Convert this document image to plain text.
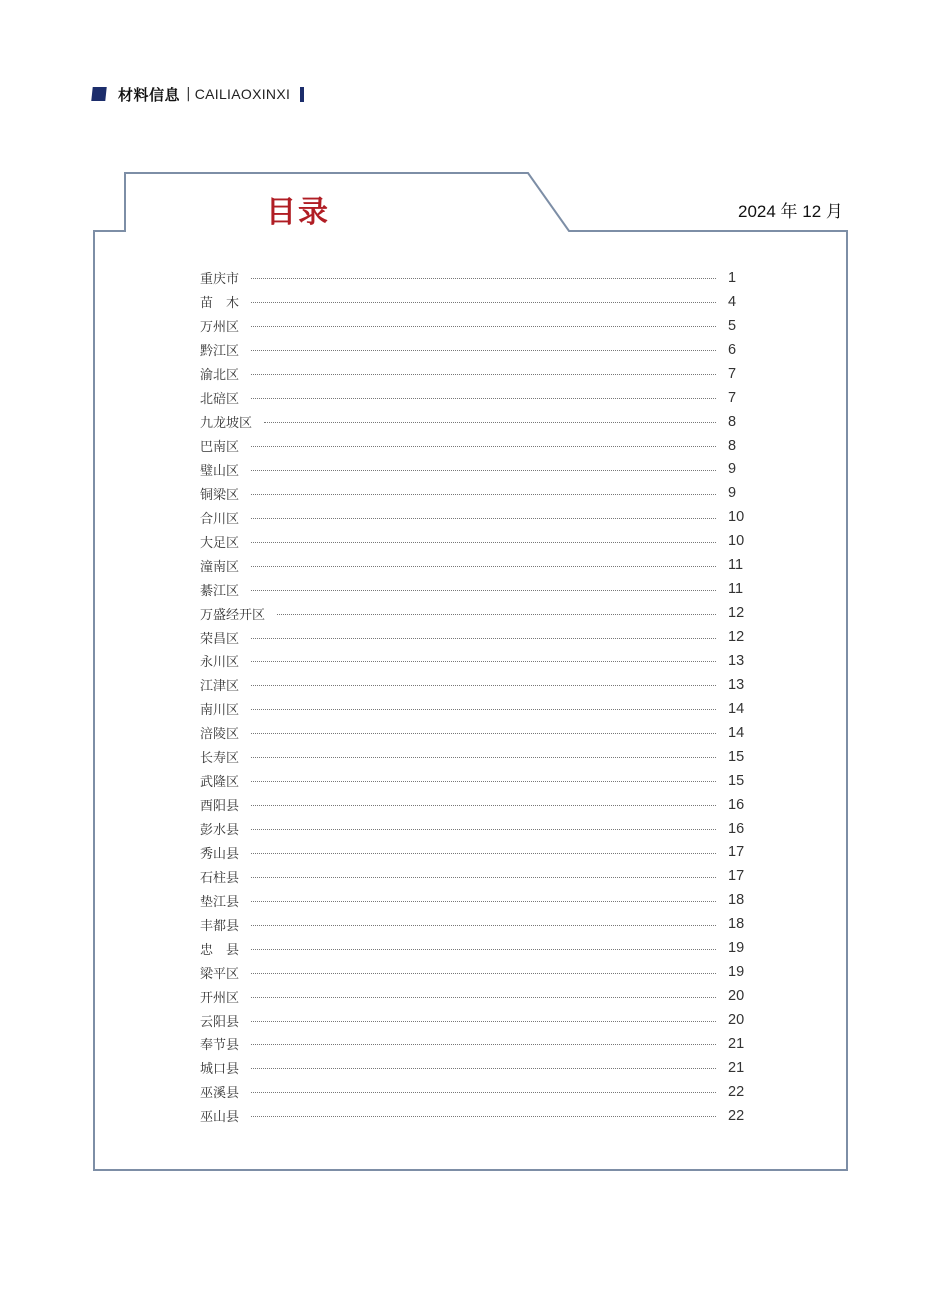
材料信息 | CAILIAOXINXI
目录	2024 年 12 月
重庆市	1
苗　木	4
万州区	5
黔江区	6
渝北区	7
北碚区	7
九龙坡区	8
巴南区	8
璧山区	9
铜梁区	9
合川区	10
大足区	10
潼南区	11
綦江区	11
万盛经开区	12
荣昌区	12
永川区	13
江津区	13
南川区	14
涪陵区	14
长寿区	15
武隆区	15
酉阳县	16
彭水县	16
秀山县	17
石柱县	17
垫江县	18
丰都县	18
忠　县	19
梁平区	19
开州区	20
云阳县	20
奉节县	21
城口县	21
巫溪县	22
巫山县	22
